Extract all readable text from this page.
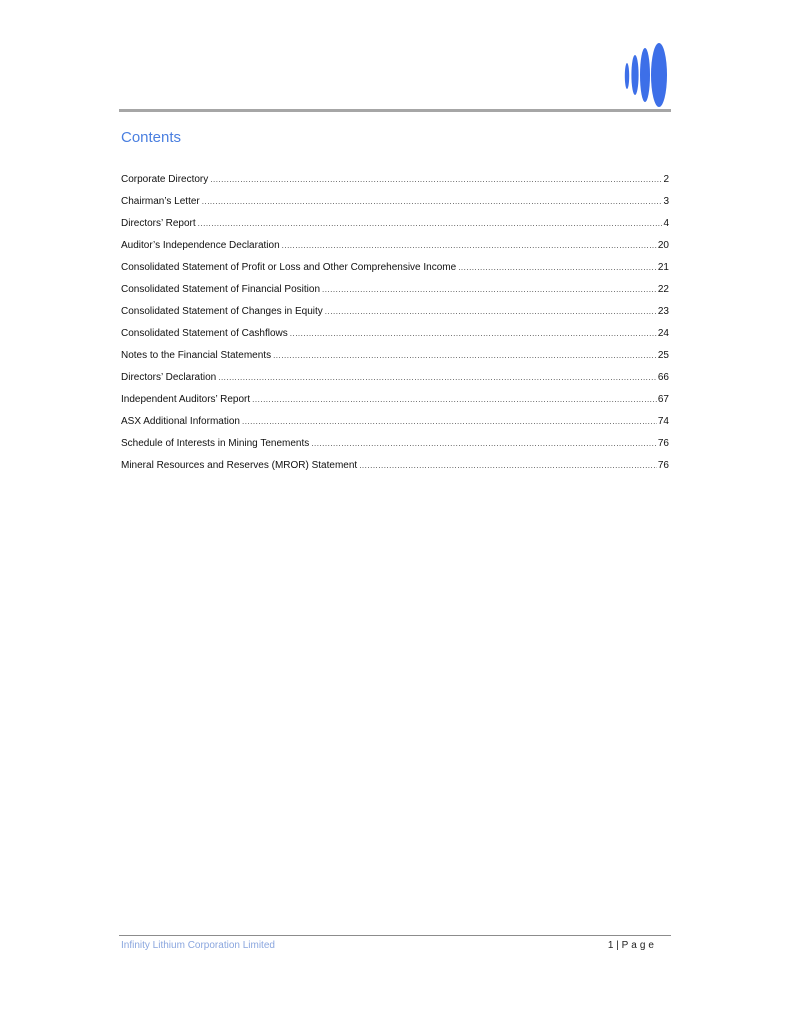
Contents
Corporate Directory .....	2
Chairman’s Letter .....	3
Directors’ Report .....	4
Auditor’s Independence Declaration .....	20
Consolidated Statement of Profit or Loss and Other Comprehensive Income .....	21
Consolidated Statement of Financial Position .....	22
Consolidated Statement of Changes in Equity .....	23
Consolidated Statement of Cashflows .....	24
Notes to the Financial Statements .....	25
Directors’ Declaration .....	66
Independent Auditors’ Report .....	67
ASX Additional Information .....	74
Schedule of Interests in Mining Tenements .....	76
Mineral Resources and Reserves (MROR) Statement .....	76
Infinity Lithium Corporation Limited	1 | Page
